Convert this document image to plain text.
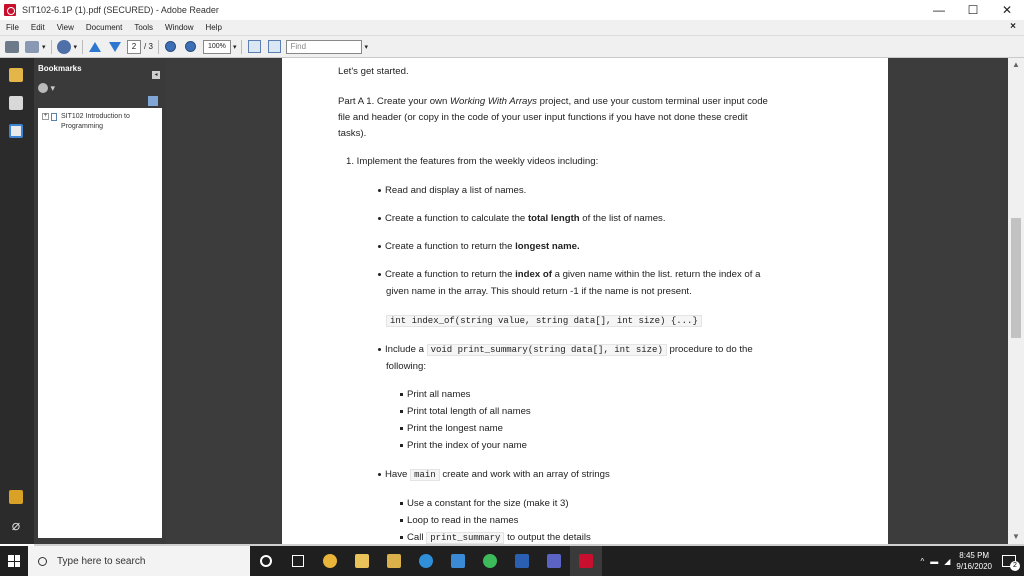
SIT102-6.1P (1).pdf (SECURED) - Adobe Reader	—	☐	✕
File Edit View Document Tools Window Help	×
▾	▾	2 / 3	100%	▾	Find	▾
⌀
Bookmarks
◂
▾
+ SIT102 Introduction to Programming
Let's get started.
Part A 1. Create your own Working With Arrays project, and use your custom terminal user input code
file and header (or copy in the code of your user input functions if you have not done these credit
tasks).
1. Implement the features from the weekly videos including:
Read and display a list of names.
Create a function to calculate the total length of the list of names.
Create a function to return the longest name.
Create a function to return the index of a given name within the list. return the index of a
given name in the array. This should return -1 if the name is not present.
int index_of(string value, string data[], int size) {...}
Include a void print_summary(string data[], int size) procedure to do the
following:
Print all names
Print total length of all names
Print the longest name
Print the index of your name
Have main create and work with an array of strings
Use a constant for the size (make it 3)
Loop to read in the names
Call print_summary to output the details
▲
▼
Type here to search	^ ▬ ◢
8:45 PM
9/16/2020	2
